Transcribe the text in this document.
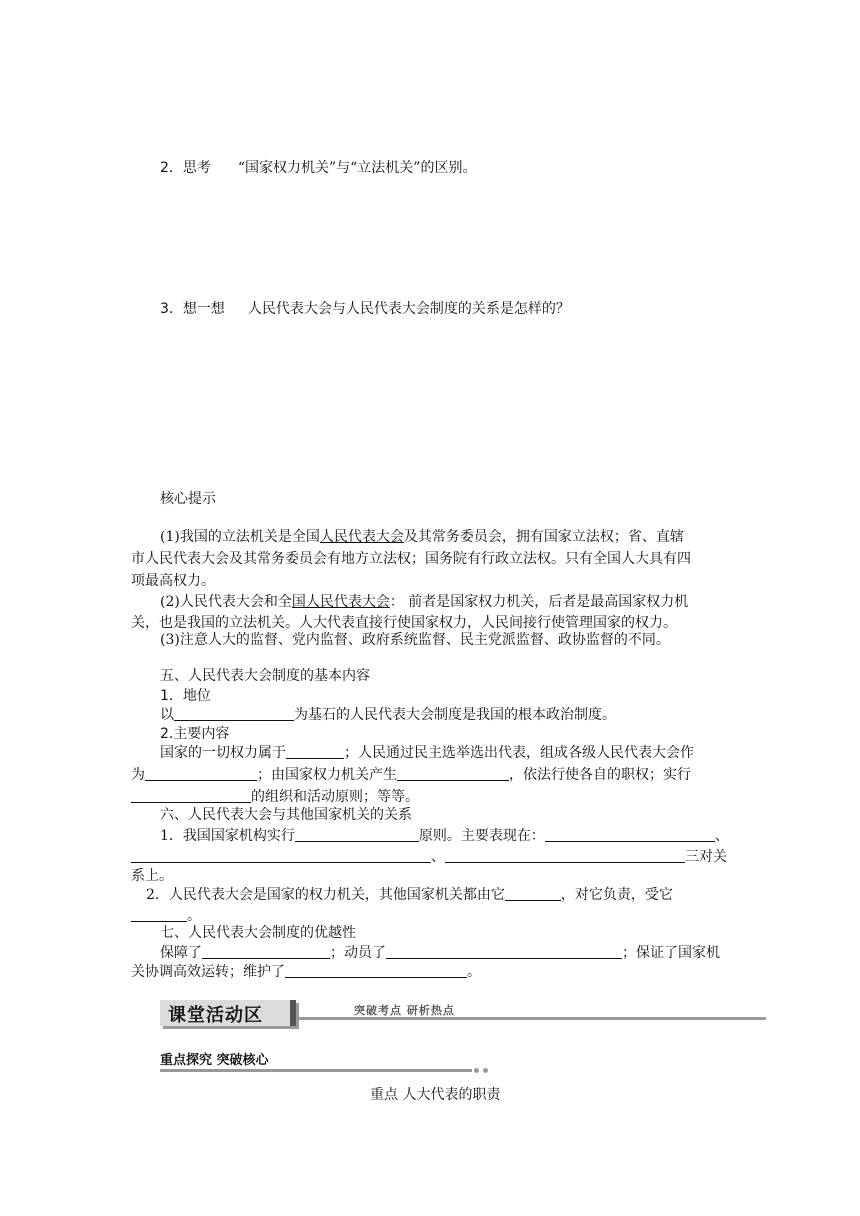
2．思考 “国家权力机关”与“立法机关”的区别。
3．想一想 人民代表大会与人民代表大会制度的关系是怎样的？
核心提示
(1)我国的立法机关是全国人民代表大会及其常务委员会，拥有国家立法权；省、直辖
市人民代表大会及其常务委员会有地方立法权；国务院有行政立法权。只有全国人大具有四
项最高权力。
(2)人民代表大会和全国人民代表大会： 前者是国家权力机关，后者是最高国家权力机
关，也是我国的立法机关。人大代表直接行使国家权力，人民间接行使管理国家的权力。
(3)注意人大的监督、党内监督、政府系统监督、民主党派监督、政协监督的不同。
五、人民代表大会制度的基本内容
1．地位
以	为基石的人民代表大会制度是我国的根本政治制度。
2.主要内容
国家的一切权力属于	；人民通过民主选举选出代表，组成各级人民代表大会作
为	；由国家权力机关产生	，依法行使各自的职权；实行
的组织和活动原则；等等。
六、人民代表大会与其他国家机关的关系
1．我国国家机构实行	原则。主要表现在：	、
、	三对关
系上。
2．人民代表大会是国家的权力机关，其他国家机关都由它	，对它负责，受它
。
七、人民代表大会制度的优越性
保障了	；动员了	；保证了国家机
关协调高效运转；维护了	。
课堂活动区	突破考点 研析热点
重点探究 突破核心
重点 人大代表的职责
